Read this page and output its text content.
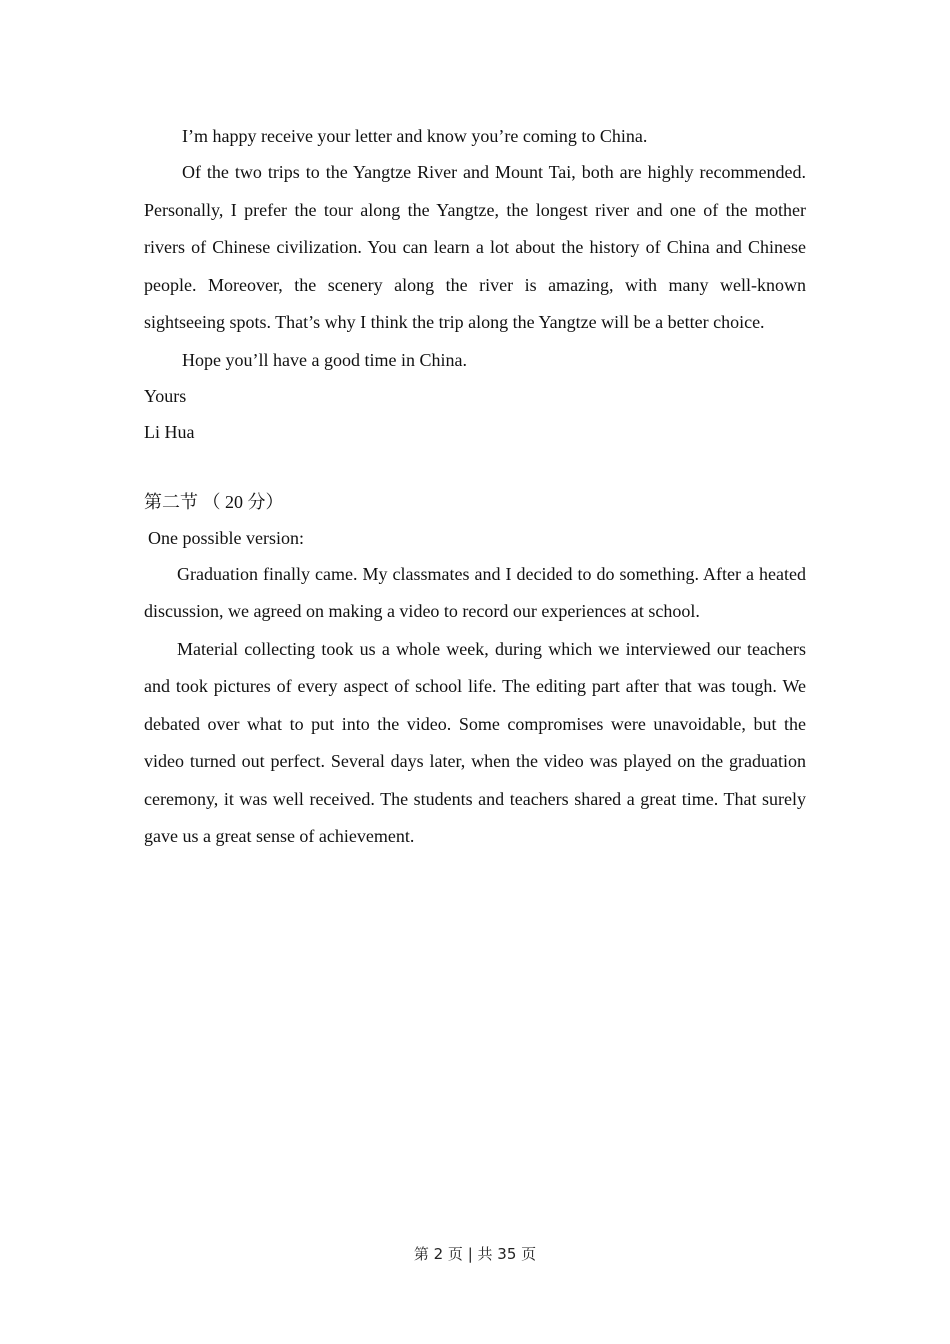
I’m happy receive your letter and know you’re coming to China.

Of the two trips to the Yangtze River and Mount Tai, both are highly recommended. Personally, I prefer the tour along the Yangtze, the longest river and one of the mother rivers of Chinese civilization. You can learn a lot about the history of China and Chinese people. Moreover, the scenery along the river is amazing, with many well-known sightseeing spots. That’s why I think the trip along the Yangtze will be a better choice.

Hope you’ll have a good time in China.

Yours

Li Hua

第二节 （ 20 分）

One possible version:

Graduation finally came. My classmates and I decided to do something. After a heated discussion, we agreed on making a video to record our experiences at school.

Material collecting took us a whole week, during which we interviewed our teachers and took pictures of every aspect of school life. The editing part after that was tough. We debated over what to put into the video. Some compromises were unavoidable, but the video turned out perfect. Several days later, when the video was played on the graduation ceremony, it was well received. The students and teachers shared a great time. That surely gave us a great sense of achievement.

第 2 页 | 共 35 页
